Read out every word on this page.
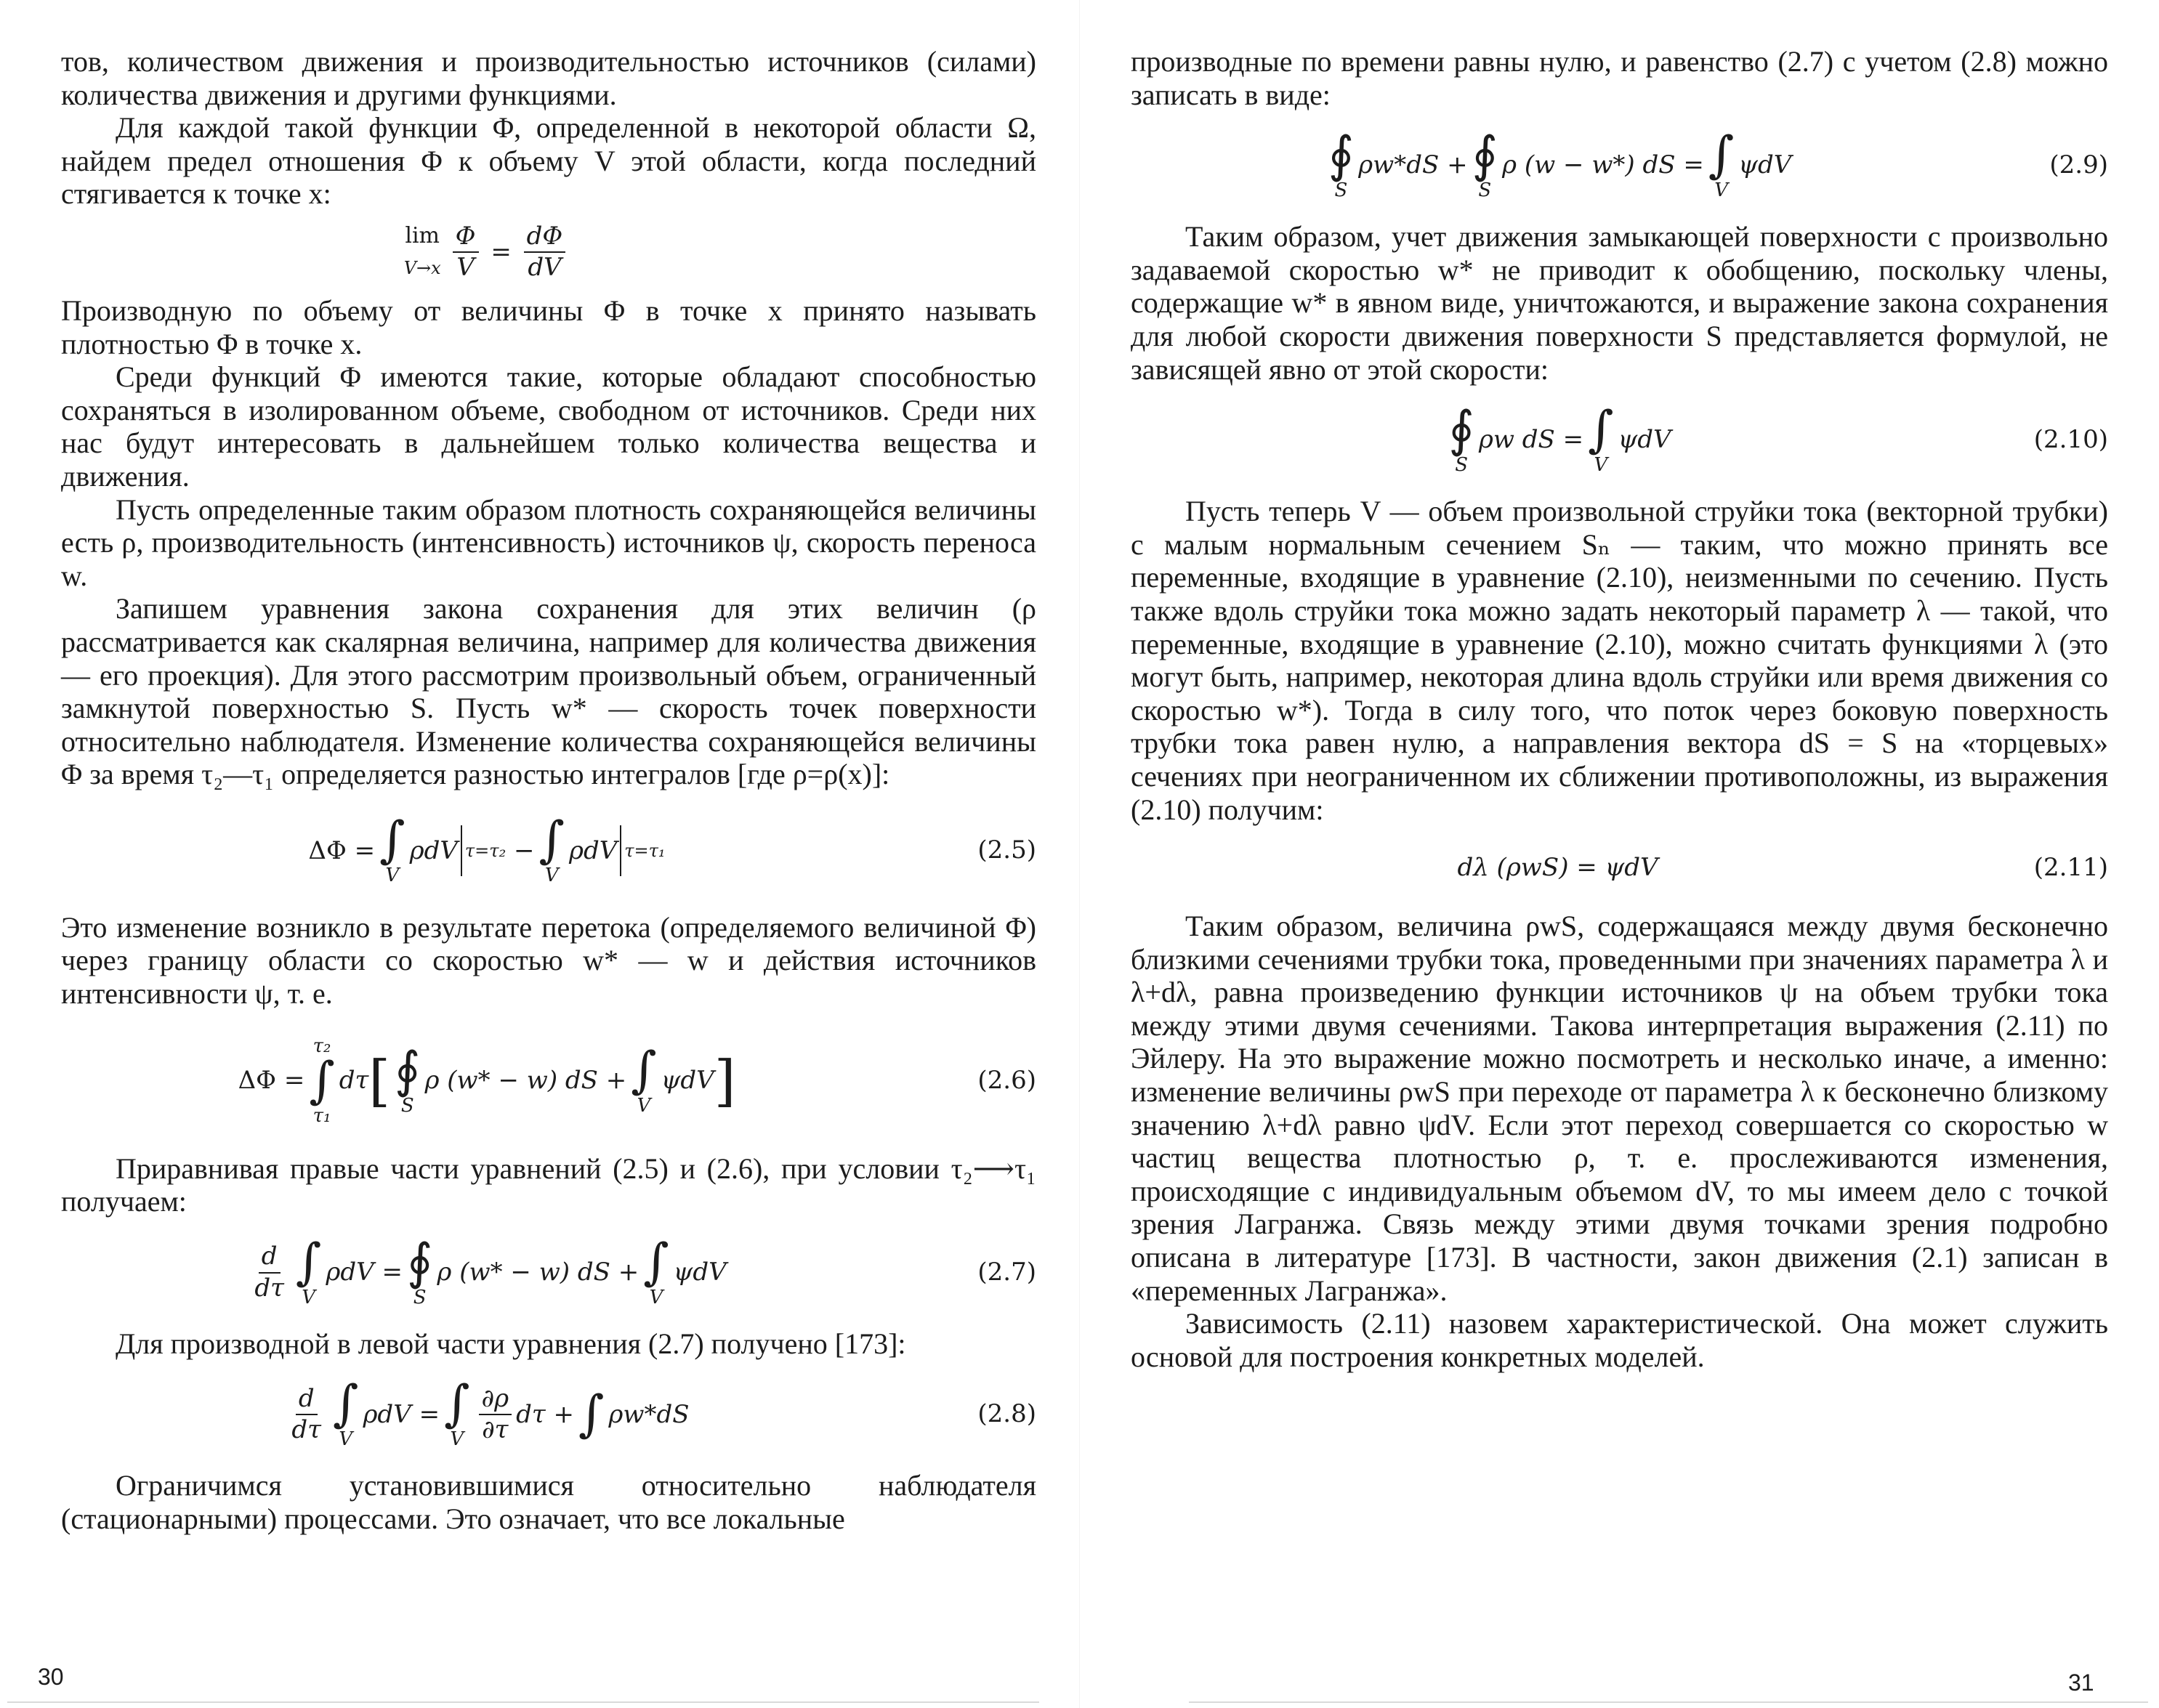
тов, количеством движения и производительностью источников (силами) количества движения и другими функциями.

Для каждой такой функции Φ, определенной в некоторой области Ω, найдем предел отношения Φ к объему V этой области, когда последний стягивается к точке x:

lim
$V\to x \frac{\Phi}{V} = \frac{d\Phi}{dV}$

Производную по объему от величины Φ в точке x принято называть плотностью Φ в точке x.

Среди функций Φ имеются такие, которые обладают способностью сохраняться в изолированном объеме, свободном от источников. Среди них нас будут интересовать в дальнейшем только количества вещества и движения.

Пусть определенные таким образом плотность сохраняющейся величины есть ρ, производительность (интенсивность) источников ψ, скорость переноса w.

Запишем уравнения закона сохранения для этих величин (ρ рассматривается как скалярная величина, например для количества движения — его проекция). Для этого рассмотрим произвольный объем, ограниченный замкнутой поверхностью S. Пусть w* — скорость точек поверхности относительно наблюдателя. Изменение количества сохраняющейся величины Φ за время τ₂—τ₁ определяется разностью интегралов [где ρ=ρ(x)]:

ΔΦ = ∫
V
ρdV τ=τ₂
− ∫
V
ρdV τ=τ₁	(2.5)

Это изменение возникло в результате перетока (определяемого величиной Φ) через границу области со скоростью w* — w и действия источников интенсивности ψ, т. е.

ΔΦ =
τ₂
∫
τ₁
dτ [ ∮
S
ρ (w* − w) dS
+ ∫
V
ψdV ]	(2.6)

Приравнивая правые части уравнений (2.5) и (2.6), при условии τ₂⟶τ₁ получаем:

$\frac{d}{d\tau}$ ∫
V
ρdV
= ∮
S
ρ (w* − w) dS
+ ∫
V
ψdV	(2.7)

Для производной в левой части уравнения (2.7) получено [173]:

$\frac{d}{d\tau}$ ∫
V
ρdV
= ∫
V $\frac{\partial\rho}{\partial\tau}$ dτ
+ ∫ ρw*dS	(2.8)

Ограничимся установившимися относительно наблюдателя (стационарными) процессами. Это означает, что все локальные

30

производные по времени равны нулю, и равенство (2.7) с учетом (2.8) можно записать в виде:

∮
S
ρw*dS
+ ∮
S
ρ (w − w*) dS
= ∫
V
ψdV	(2.9)

Таким образом, учет движения замыкающей поверхности с произвольно задаваемой скоростью w* не приводит к обобщению, поскольку члены, содержащие w* в явном виде, уничтожаются, и выражение закона сохранения для любой скорости движения поверхности S представляется формулой, не зависящей явно от этой скорости:

∮
S
ρw dS
= ∫
V
ψdV	(2.10)

Пусть теперь V — объем произвольной струйки тока (векторной трубки) с малым нормальным сечением Sₙ — таким, что можно принять все переменные, входящие в уравнение (2.10), неизменными по сечению. Пусть также вдоль струйки тока можно задать некоторый параметр λ — такой, что переменные, входящие в уравнение (2.10), можно считать функциями λ (это могут быть, например, некоторая длина вдоль струйки или время движения со скоростью w*). Тогда в силу того, что поток через боковую поверхность трубки тока равен нулю, а направления вектора dS = S на «торцевых» сечениях при неограниченном их сближении противоположны, из выражения (2.10) получим:

dλ (ρwS) = ψdV	(2.11)

Таким образом, величина ρwS, содержащаяся между двумя бесконечно близкими сечениями трубки тока, проведенными при значениях параметра λ и λ+dλ, равна произведению функции источников ψ на объем трубки тока между этими двумя сечениями. Такова интерпретация выражения (2.11) по Эйлеру. На это выражение можно посмотреть и несколько иначе, а именно: изменение величины ρwS при переходе от параметра λ к бесконечно близкому значению λ+dλ равно ψdV. Если этот переход совершается со скоростью w частиц вещества плотностью ρ, т. е. прослеживаются изменения, происходящие с индивидуальным объемом dV, то мы имеем дело с точкой зрения Лагранжа. Связь между этими двумя точками зрения подробно описана в литературе [173]. В частности, закон движения (2.1) записан в «переменных Лагранжа».

Зависимость (2.11) назовем характеристической. Она может служить основой для построения конкретных моделей.

31
